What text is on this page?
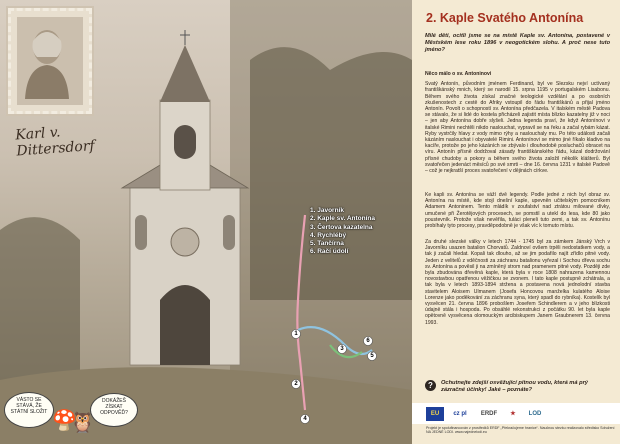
Karl v. Dittersdorf
1. Javorník
2. Kaple sv. Antonína
3. Čertova kazatelna
4. Rychlébý
5. Tančírna
6. Račí údolí
1
2
3
4
5
6
VÁSTO SE STÁVÁ, ŽE STÁTNÍ SLOŽIT
DOKÁŽEŠ ZÍSKAT ODPOVĚĎ?
🍄
🦉
2. Kaple Svatého Antonína
Milé děti, ocitli jsme se na místě Kaple sv. Antonína, postavené v Městském lese roku 1896 v neogotickém slohu. A proč nese tuto jméno?

Něco málo o sv. Antoninovi

Svatý Antonín, původním jménem Ferdinand, byl ve Slezsku nejví uctívaný františkánský mnich, který se narodil 15. srpna 1195 v portugalském Lisabonu. Během svého života získal značné teologické vzdělání a po osobních zkušenostech z cestě do Afriky vstoupil do řádu františkánů a přijal jméno Antonín. Povolt o schopností sv. Antonína předčazela. V italském městě Padova se stávalo, že si lidé do kostela přicházeli zajistit místa blízko kazatelny již v noci – jen aby Antonína dobře slyšeli. Jedna legenda praví, že když Antonínovi v italské Rimini nechtěli nikdo naslouchat, vypravil se na řeku a začal rybám kázat. Ryby vystrčily hlavy z vody mimo rýhy a naslouchaly mu. Po této události začali kázáním naslouchat i obyvatelé Rimini. Antonínovi se mimo jiné říkalo kladivo na kacíře, protože po jeho kázáních se zbývalo i dlouhodobě posluchačů obracet na víru. Antonín přísně dodržoval zásady františkánského řádu, kázal dodržování přísné chudoby a pokory a během svého života založil několik klášterů. Byl svatořečen jedenáct měsíců po své smrti – dne 16. června 1231 v italské Padově – což je nejkratší proces svatořečení v dějinách církve.

Ke kapli sv. Antonína se váží dvě legendy. Podle jedné z nich byl obraz sv. Antonína na místě, kde stojí dnešní kaple, upevněn učitelským pomocníkem Adamem Antoninem. Tento mládík v zoufalství nad ztrátou milované dívky, umučené při Žerotějových procesech, se pomstil a utekl do lesa, kde 80 jako poustevník. Protože však nevěřila, tuláci pleneli tuto zemi, a tak sv. Antonínu probíhaly tyto procesy, pravděpodobně je však víc k tomuto místu.

Za druhé slezské války v letech 1744 - 1745 byl za zámkem Jánský Vrch v Javorníku usazen batalion Chorvatů. Zaldnoví ovšem trpěli nedostatkem vody, a tak ji začali hledat. Kopali tak dlouho, až se jim podařilo najít zřídlo pitné vody. Jeden z velitelů z vděčnosti za záchranu batalionu vyřezal i Sochou dřeva sochu sv. Antonína a pověsil ji na zmíněný strom nad pramenem pitné vody. Později zde byla zbudována dřevěná kaple, která byla v roce 1808 nahrazena kamennou novostavbou opatřenou věžičkou se zvonem. I tato kaple postupně zchátrala, a tak byla v letech 1893-1894 stržena a postavena nová jednolodní stavba stavitelem Aloisem Ulmanem (Josefa Honcovou manželka kulatého Aloise Lorenze jako poděkování za záchranu syna, který spadl do rybníka). Kostelík byl vysvěcen 21. června 1896 probošlem Josefem Schindlerem a v jeho blízkosti údajně stála i hospoda. Po obsáhlé rekonstrukci z počátku 90. let byla kaple opětovně vysvěcena olomouckým arcibiskupem Janem Graubnerem 13. června 1993.

?	Ochutnejte zdejší osvěžující pitnou vodu, která má prý zázračné účinky! Jaké – poznáte?
EU	cz pl	ERDF	★	LOD
Projekt je spolufinancován z prostředků ERDF „Překračujeme hranice“. Naučnou stezku realizovalo středisko Sdružení NA JEDNÉ LODI. www.najednelodi.eu
